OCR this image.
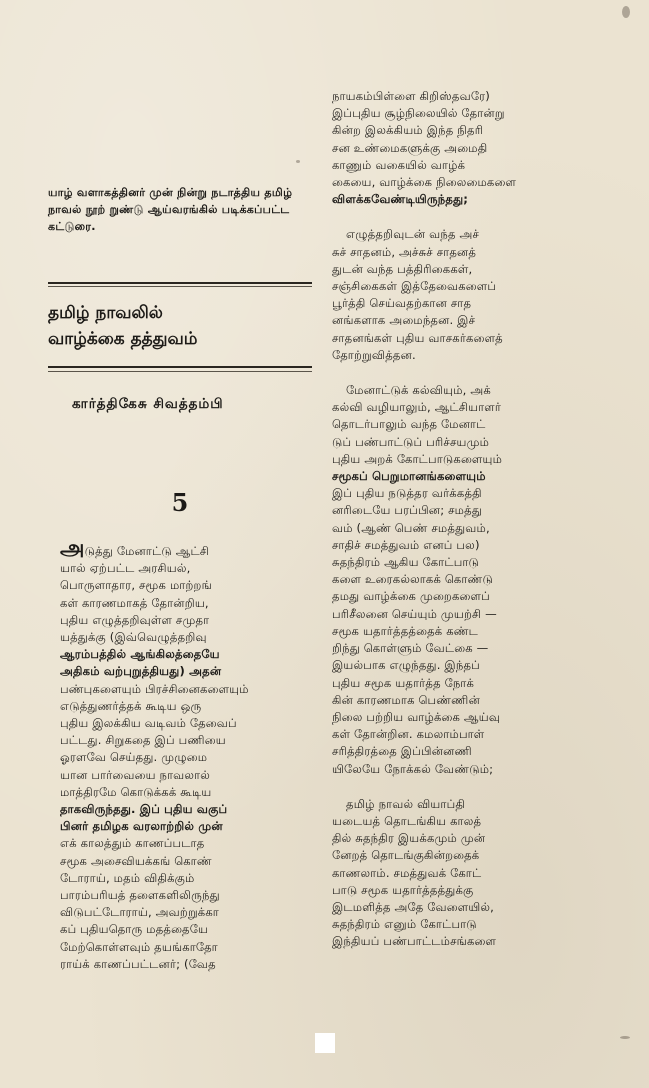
யாழ் வளாகத்தினர் முன் நின்று நடாத்திய தமிழ் நாவல் நூற் றுண்டு ஆய்வரங்கில் படிக்கப்பட்ட கட்டுரை.
தமிழ் நாவலில்
வாழ்க்கை தத்துவம்
கார்த்திகேசு சிவத்தம்பி
5
அடுத்து மேனாட்டு ஆட்சி
யால் ஏற்பட்ட அரசியல்,
பொருளாதார, சமூக மாற்றங்
கள் காரணமாகத் தோன்றிய,
புதிய எழுத்தறிவுள்ள சமுதா
யத்துக்கு (இவ்வெழுத்தறிவு
ஆரம்பத்தில் ஆங்கிலத்தையே
அதிகம் வற்புறுத்தியது) அதன்
பண்புகளையும் பிரச்சினைகளையும்
எடுத்துணர்த்தக் கூடிய ஒரு
புதிய இலக்கிய வடிவம் தேவைப்
பட்டது. சிறுகதை இப் பணியை
ஓரளவே செய்தது. முழுமை
யான பார்வையை நாவலால்
மாத்திரமே கொடுக்கக் கூடிய
தாகவிருந்தது. இப் புதிய வகுப்
பினர் தமிழக வரலாற்றில் முன்
எக் காலத்தும் காணப்படாத
சமூக அசைவியக்கங் கொண்
டோராய், மதம் விதிக்கும்
பாரம்பரியத் தளைகளிலிருந்து
விடுபட்டோராய், அவற்றுக்கா
கப் புதியதொரு மதத்தையே
மேற்கொள்ளவும் தயங்காதோ
ராய்க் காணப்பட்டனர்; (வேத
நாயகம்பிள்ளை கிறிஸ்தவரே)
இப்புதிய சூழ்நிலையில் தோன்று
கின்ற இலக்கியம் இந்த நிதரி
சன உண்மைகளுக்கு அமைதி
காணும் வகையில் வாழ்க்
கையை, வாழ்க்கை நிலைமைகளை
விளக்கவேண்டியிருந்தது;
எழுத்தறிவுடன் வந்த அச்
சுச் சாதனம், அச்சுச் சாதனத்
துடன் வந்த பத்திரிகைகள்,
சஞ்சிகைகள் இத்தேவைகளைப்
பூர்த்தி செய்வதற்கான சாத
னங்களாக அமைந்தன. இச்
சாதனங்கள் புதிய வாசகர்களைத்
தோற்றுவித்தன.
மேனாட்டுக் கல்வியும், அக்
கல்வி வழியாலும், ஆட்சியாளர்
தொடர்பாலும் வந்த மேனாட்
டுப் பண்பாட்டுப் பரிச்சயமும்
புதிய அறக் கோட்பாடுகளையும்
சமூகப் பெறுமானங்களையும்
இப் புதிய நடுத்தர வர்க்கத்தி
னரிடையே பரப்பின; சமத்து
வம் (ஆண் பெண் சமத்துவம்,
சாதிச் சமத்துவம் எனப் பல)
சுதந்திரம் ஆகிய கோட்பாடு
களை உரைகல்லாகக் கொண்டு
தமது வாழ்க்கை முறைகளைப்
பரிசீலனை செய்யும் முயற்சி —
சமூக யதார்த்தத்தைக் கண்ட
றிந்து கொள்ளும் வேட்கை —
இயல்பாக எழுந்தது. இந்தப்
புதிய சமூக யதார்த்த நோக்
கின் காரணமாக பெண்ணின்
நிலை பற்றிய வாழ்க்கை ஆய்வு
கள் தோன்றின. கமலாம்பாள்
சரித்திரத்தை இப்பின்னணி
யிலேயே நோக்கல் வேண்டும்;
தமிழ் நாவல் வியாப்தி
யடையத் தொடங்கிய காலத்
தில் சுதந்திர இயக்கமும் முன்
னேறத் தொடங்குகின்றதைக்
காணலாம். சமத்துவக் கோட்
பாடு சமூக யதார்த்தத்துக்கு
இடமளித்த அதே வேளையில்,
சுதந்திரம் எனும் கோட்பாடு
இந்தியப் பண்பாட்டம்சங்களை
